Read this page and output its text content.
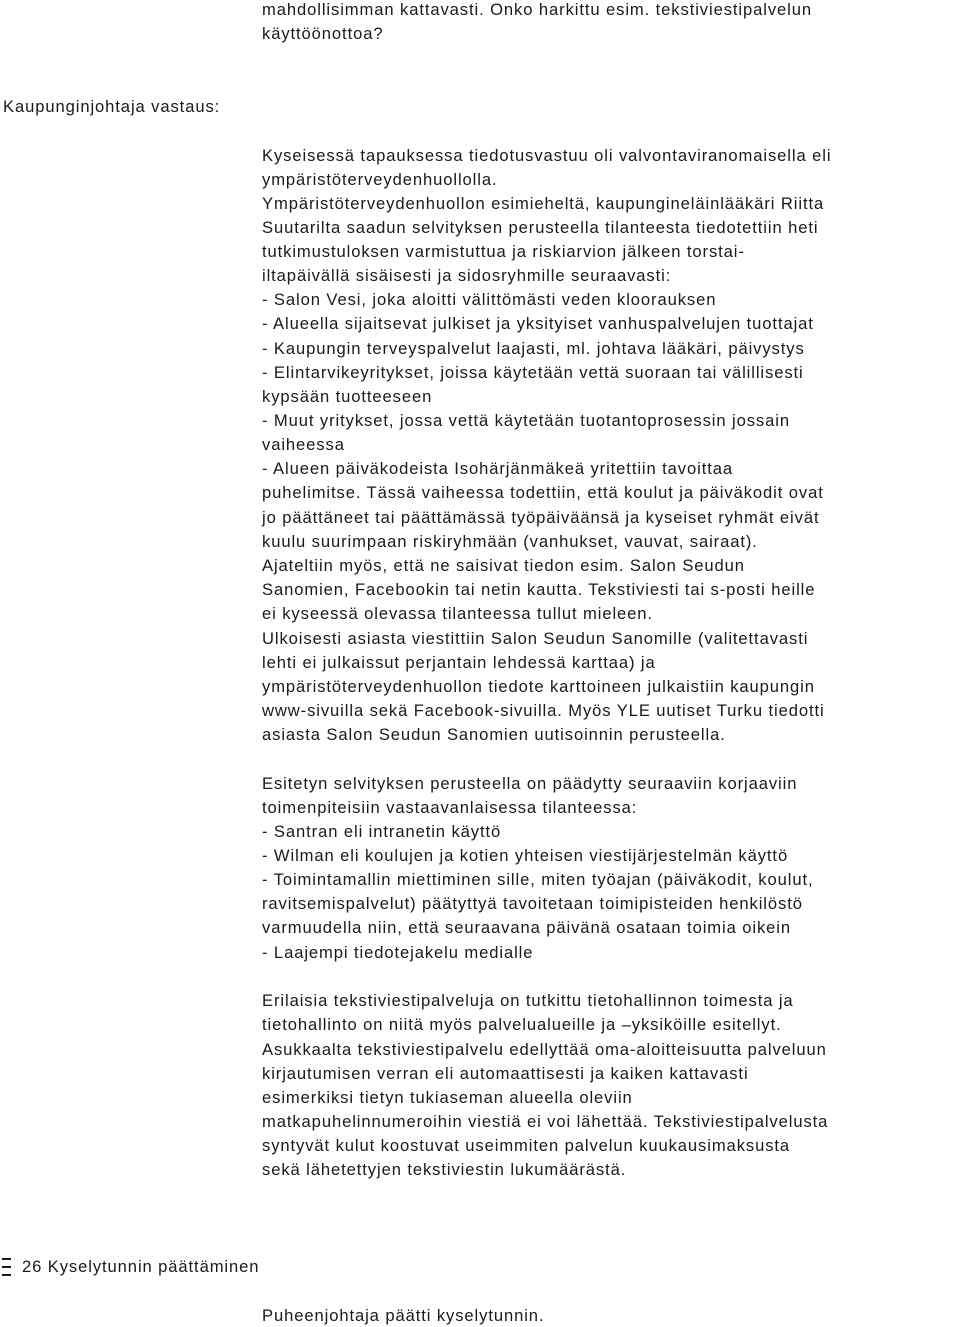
mahdollisimman kattavasti. Onko harkittu esim. tekstiviestipalvelun

käyttöönottoa?

Kaupunginjohtaja vastaus:

Kyseisessä tapauksessa tiedotusvastuu oli valvontaviranomaisella eli

ympäristöterveydenhuollolla.

Ympäristöterveydenhuollon esimieheltä, kaupungineläinlääkäri Riitta

Suutarilta saadun selvityksen perusteella tilanteesta tiedotettiin heti

tutkimustuloksen varmistuttua ja riskiarvion jälkeen torstai-

iltapäivällä sisäisesti ja sidosryhmille seuraavasti:

- Salon Vesi, joka aloitti välittömästi veden kloorauksen

- Alueella sijaitsevat julkiset ja yksityiset vanhuspalvelujen tuottajat

- Kaupungin terveyspalvelut laajasti, ml. johtava lääkäri, päivystys

- Elintarvikeyritykset, joissa käytetään vettä suoraan tai välillisesti

kypsään tuotteeseen

- Muut yritykset, jossa vettä käytetään tuotantoprosessin jossain

vaiheessa

- Alueen päiväkodeista Isohärjänmäkeä yritettiin tavoittaa

puhelimitse. Tässä vaiheessa todettiin, että koulut ja päiväkodit ovat

jo päättäneet tai päättämässä työpäiväänsä ja kyseiset ryhmät eivät

kuulu suurimpaan riskiryhmään (vanhukset, vauvat, sairaat).

Ajateltiin myös, että ne saisivat tiedon esim. Salon Seudun

Sanomien, Facebookin tai netin kautta. Tekstiviesti tai s-posti heille

ei kyseessä olevassa tilanteessa tullut mieleen.

Ulkoisesti asiasta viestittiin Salon Seudun Sanomille (valitettavasti

lehti ei julkaissut perjantain lehdessä karttaa) ja

ympäristöterveydenhuollon tiedote karttoineen julkaistiin kaupungin

www-sivuilla sekä Facebook-sivuilla. Myös YLE uutiset Turku tiedotti

asiasta Salon Seudun Sanomien uutisoinnin perusteella.

Esitetyn selvityksen perusteella on päädytty seuraaviin korjaaviin

toimenpiteisiin vastaavanlaisessa tilanteessa:

- Santran eli intranetin käyttö

- Wilman eli koulujen ja kotien yhteisen viestijärjestelmän käyttö

- Toimintamallin miettiminen sille, miten työajan (päiväkodit, koulut,

ravitsemispalvelut) päätyttyä tavoitetaan toimipisteiden henkilöstö

varmuudella niin, että seuraavana päivänä osataan toimia oikein

- Laajempi tiedotejakelu medialle

Erilaisia tekstiviestipalveluja on tutkittu tietohallinnon toimesta ja

tietohallinto on niitä myös palvelualueille ja –yksiköille esitellyt.

Asukkaalta tekstiviestipalvelu edellyttää oma-aloitteisuutta palveluun

kirjautumisen verran eli automaattisesti ja kaiken kattavasti

esimerkiksi tietyn tukiaseman alueella oleviin

matkapuhelinnumeroihin viestiä ei voi lähettää. Tekstiviestipalvelusta

syntyvät kulut koostuvat useimmiten palvelun kuukausimaksusta

sekä lähetettyjen tekstiviestin lukumäärästä.

26 Kyselytunnin päättäminen

Puheenjohtaja päätti kyselytunnin.
